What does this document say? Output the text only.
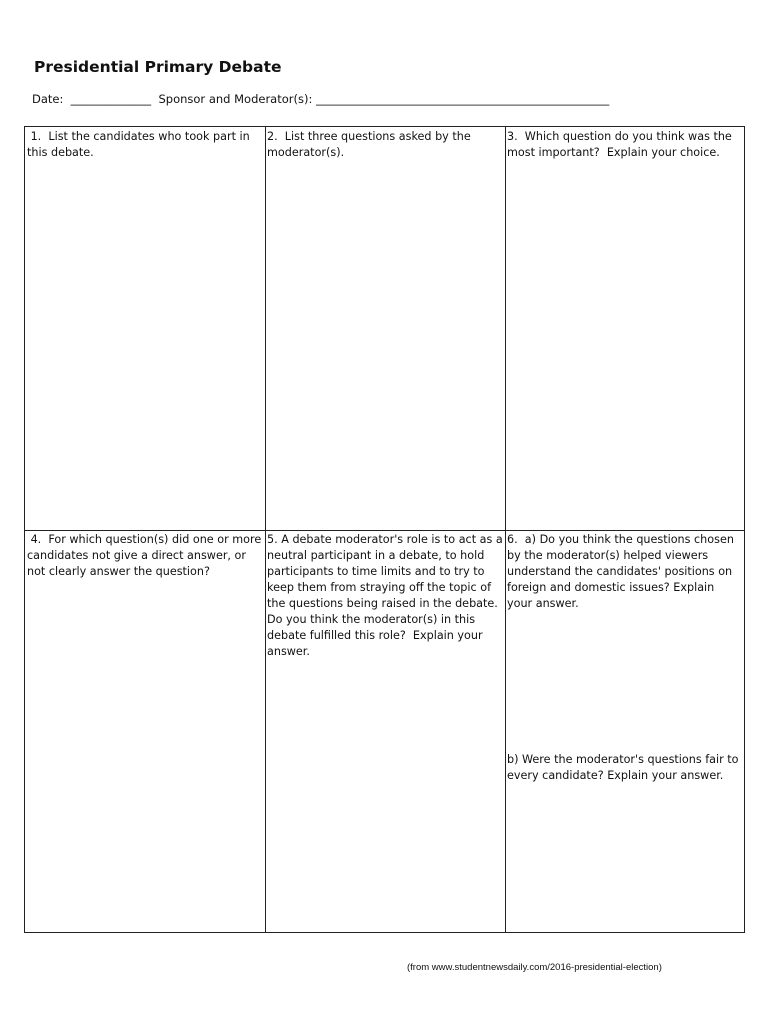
Presidential Primary Debate
Date:  ______________  Sponsor and Moderator(s): ___________________________________________________
1.  List the candidates who took part in this debate.
2.  List three questions asked by the moderator(s).
3.  Which question do you think was the most important?  Explain your choice.
4.  For which question(s) did one or more candidates not give a direct answer, or not clearly answer the question?
5. A debate moderator's role is to act as a neutral participant in a debate, to hold participants to time limits and to try to keep them from straying off the topic of the questions being raised in the debate.  Do you think the moderator(s) in this debate fulfilled this role?  Explain your answer.
6.  a) Do you think the questions chosen by the moderator(s) helped viewers understand the candidates' positions on foreign and domestic issues? Explain your answer.
b) Were the moderator's questions fair to every candidate? Explain your answer.
(from www.studentnewsdaily.com/2016-presidential-election)
